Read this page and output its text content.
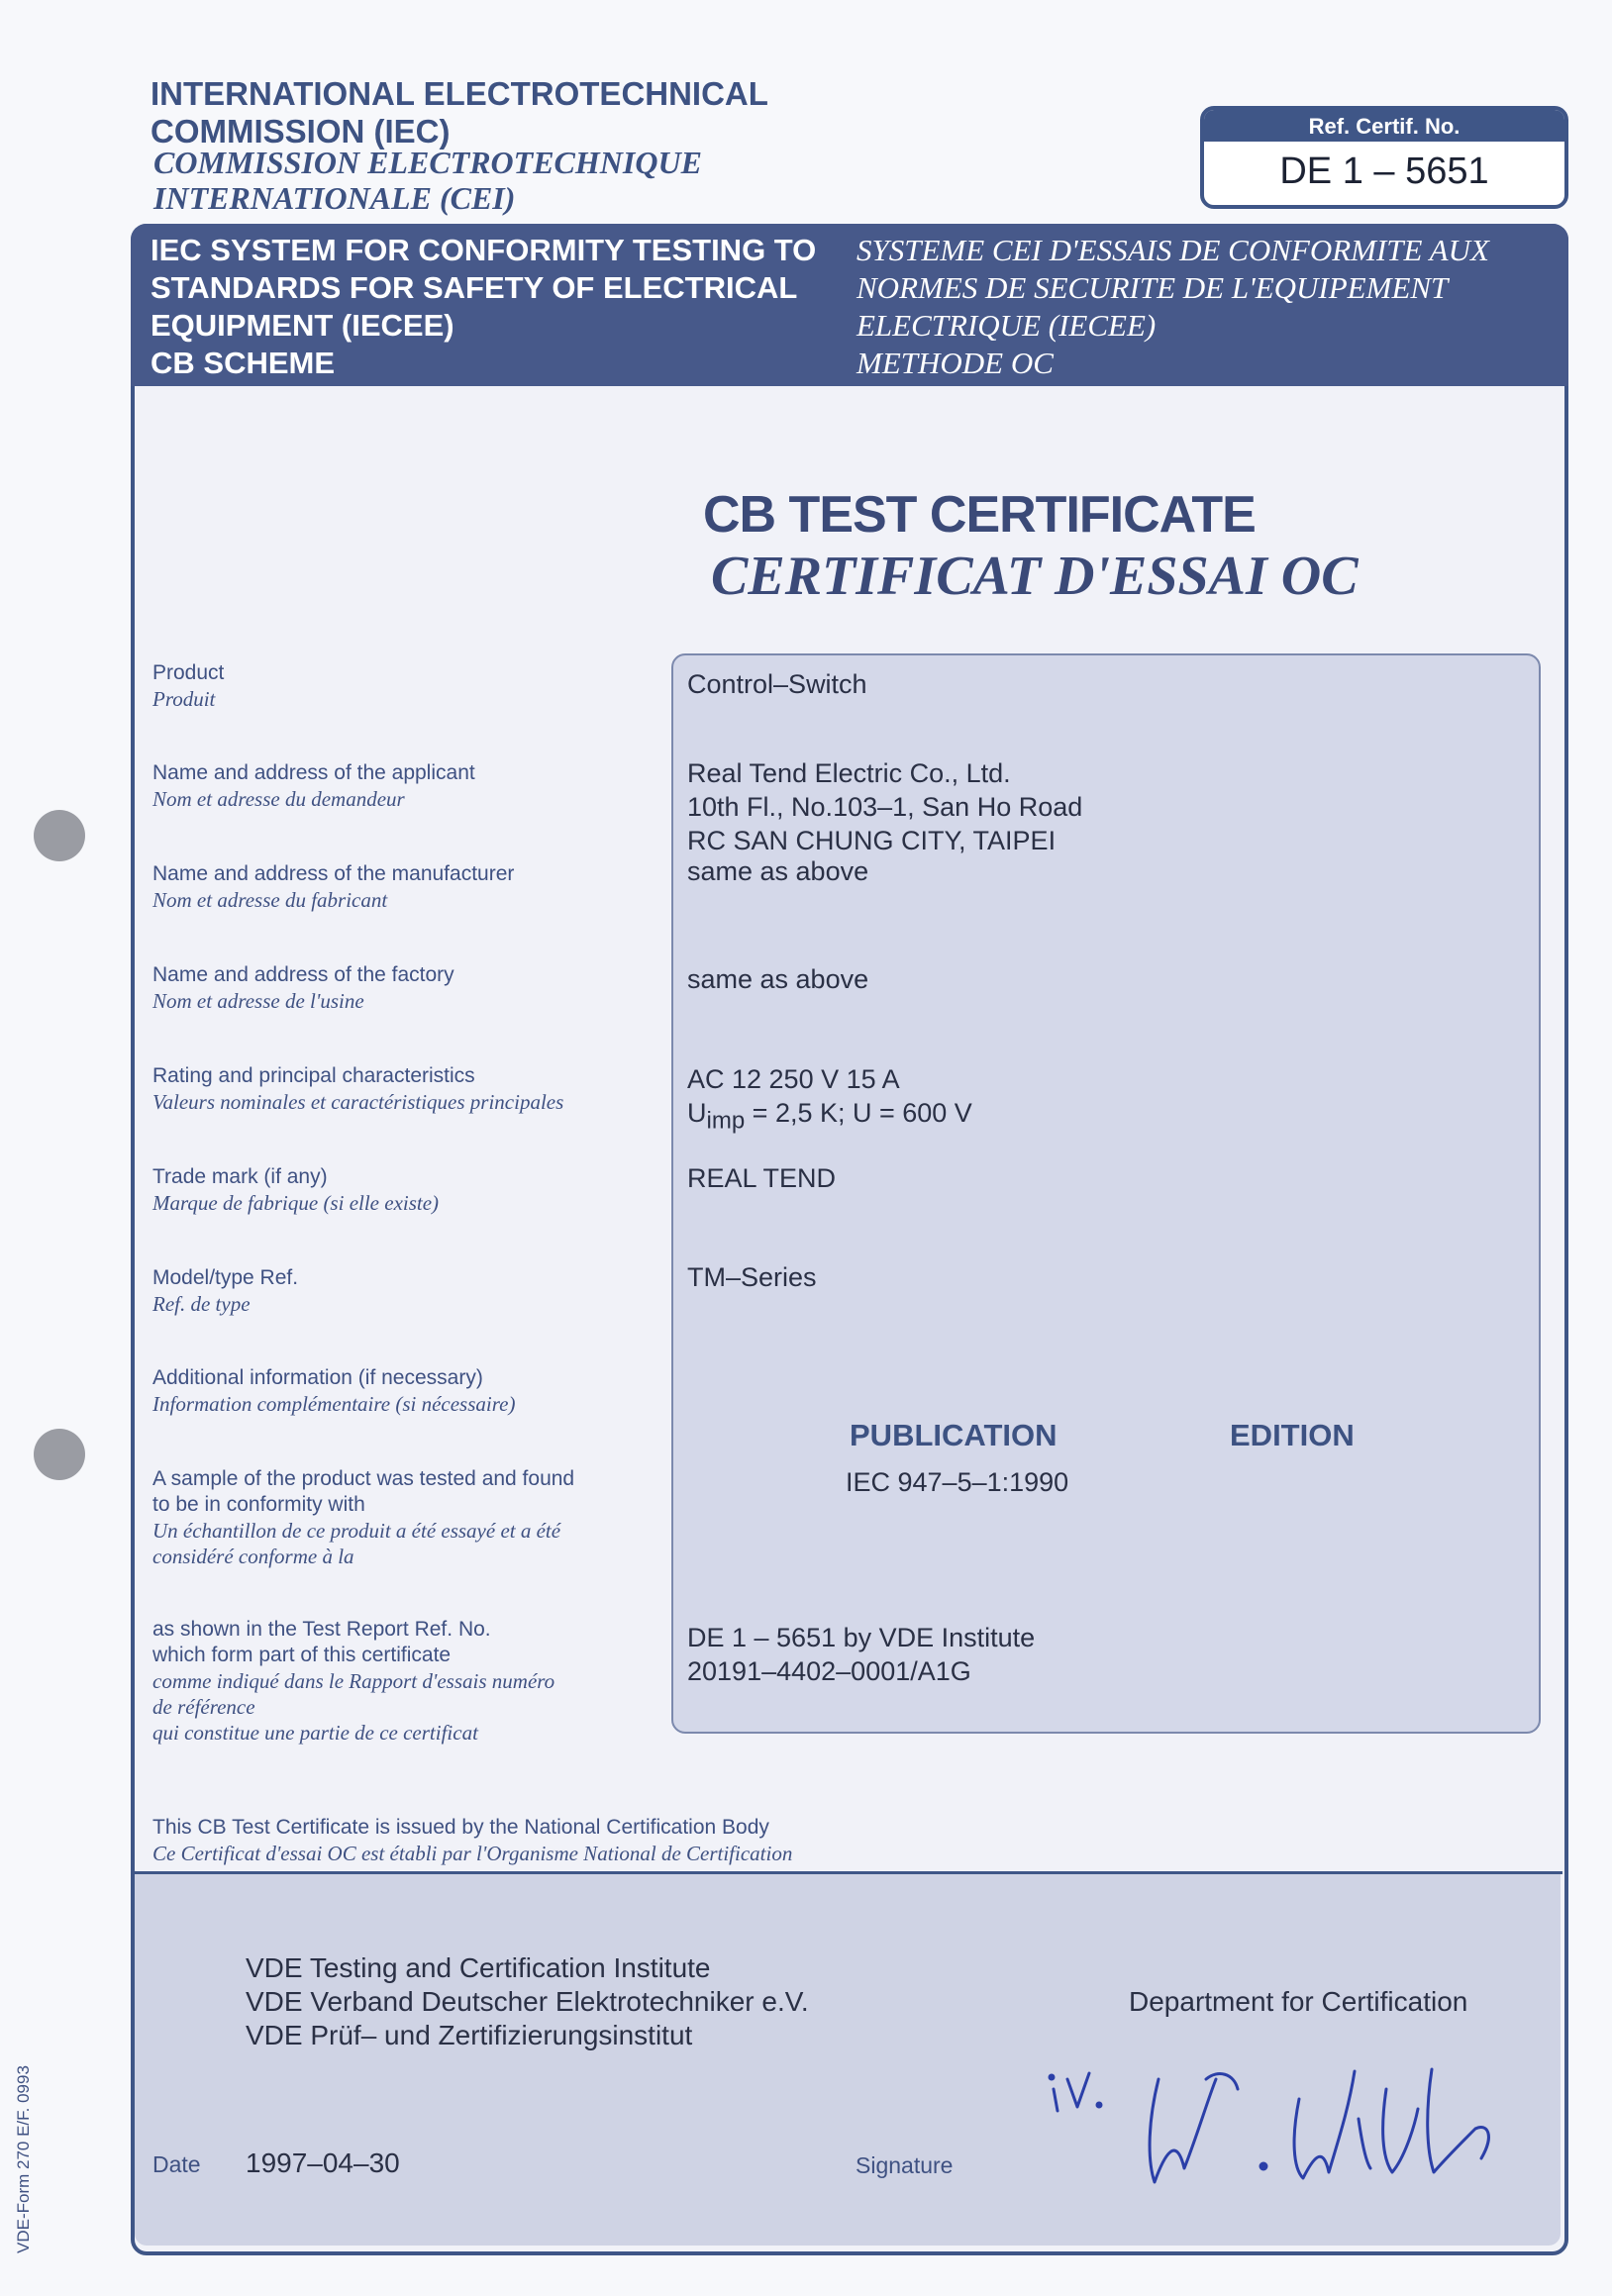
INTERNATIONAL ELECTROTECHNICAL
COMMISSION (IEC)
COMMISSION ELECTROTECHNIQUE
INTERNATIONALE (CEI)
Ref. Certif. No.
DE 1 – 5651
IEC SYSTEM FOR CONFORMITY TESTING TO
STANDARDS FOR SAFETY OF ELECTRICAL
EQUIPMENT (IECEE)
CB SCHEME
SYSTEME CEI D'ESSAIS DE CONFORMITE AUX
NORMES DE SECURITE DE L'EQUIPEMENT
ELECTRIQUE (IECEE)
METHODE OC
CB TEST CERTIFICATE
CERTIFICAT D'ESSAI OC
Product
Produit
Name and address of the applicant
Nom et adresse du demandeur
Name and address of the manufacturer
Nom et adresse du fabricant
Name and address of the factory
Nom et adresse de l'usine
Rating and principal characteristics
Valeurs nominales et caractéristiques principales
Trade mark (if any)
Marque de fabrique (si elle existe)
Model/type Ref.
Ref. de type
Additional information (if necessary)
Information complémentaire (si nécessaire)
A sample of the product was tested and found
to be in conformity with
Un échantillon de ce produit a été essayé et a été
considéré conforme à la
as shown in the Test Report Ref. No.
which form part of this certificate
comme indiqué dans le Rapport d'essais numéro
de référence
qui constitue une partie de ce certificat
Control–Switch
Real Tend Electric Co., Ltd.
10th Fl., No.103–1, San Ho Road
RC SAN CHUNG CITY, TAIPEI
same as above
same as above
AC 12 250 V 15 A
$U_{imp} = 2,5$ K; U = 600 V
REAL TEND
TM–Series
PUBLICATION	EDITION
IEC 947–5–1:1990
DE 1 – 5651 by VDE Institute
20191–4402–0001/A1G
This CB Test Certificate is issued by the National Certification Body
Ce Certificat d'essai OC est établi par l'Organisme National de Certification
VDE Testing and Certification Institute
VDE Verband Deutscher Elektrotechniker e.V.
VDE Prüf– und Zertifizierungsinstitut
Department for Certification
Date 1997–04–30	Signature
VDE-Form 270 E/F. 0993
